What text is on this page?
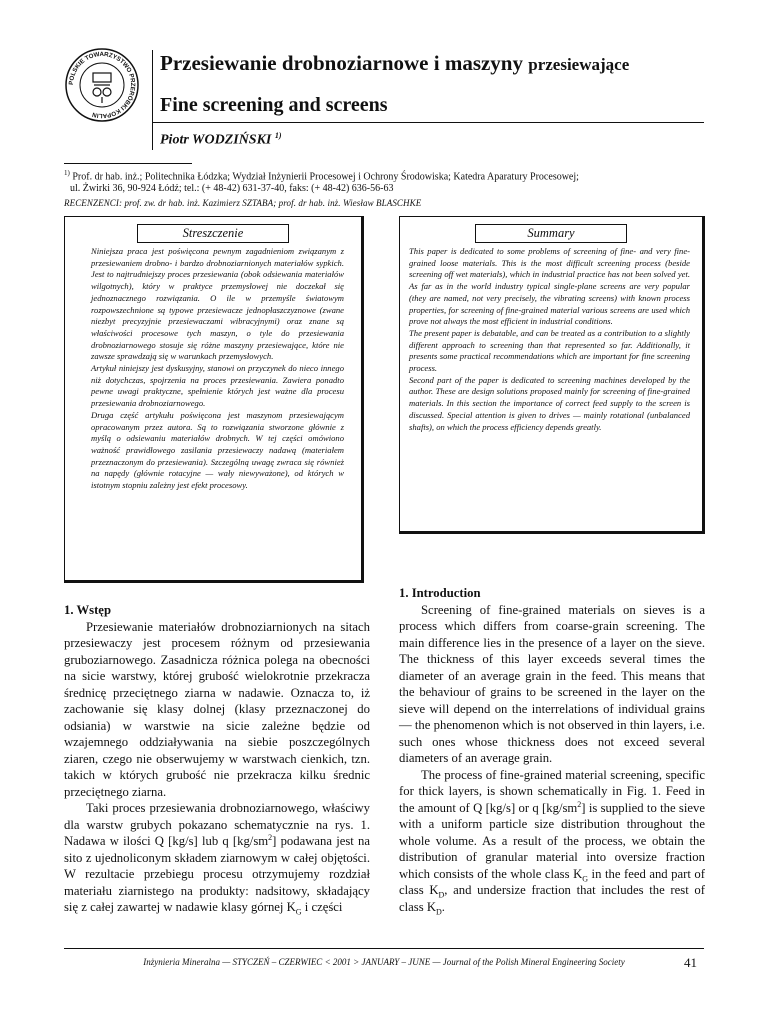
POLSKIE TOWARZYSTWO PRZERÓBKI KOPALIN
Przesiewanie drobnoziarnowe i maszyny przesiewające
Fine screening and screens
Piotr WODZIŃSKI $^{1)}$
$^{1)}$ Prof. dr hab. inż.; Politechnika Łódzka; Wydział Inżynierii Procesowej i Ochrony Środowiska; Katedra Aparatury Procesowej;
ul. Żwirki 36, 90-924 Łódź; tel.: (+ 48-42) 631-37-40, faks: (+ 48-42) 636-56-63
RECENZENCI: prof. zw. dr hab. inż. Kazimierz SZTABA; prof. dr hab. inż. Wiesław BLASCHKE
Streszczenie
Niniejsza praca jest poświęcona pewnym zagadnieniom związanym z przesiewaniem drobno- i bardzo drobnoziarnionych materiałów sypkich. Jest to najtrudniejszy proces przesiewania (obok odsiewania materiałów wilgotnych), który w praktyce przemysłowej nie doczekał się jednoznacznego rozwiązania. O ile w przemyśle światowym rozpowszechnione są typowe przesiewacze jednopłaszczyznowe (zwane niezbyt precyzyjnie przesiewaczami wibracyjnymi) oraz znane są właściwości procesowe tych maszyn, o tyle do przesiewania drobnoziarnowego stosuje się różne maszyny przesiewające, które nie zawsze sprawdzają się w warunkach przemysłowych.
Artykuł niniejszy jest dyskusyjny, stanowi on przyczynek do nieco innego niż dotychczas, spojrzenia na proces przesiewania. Zawiera ponadto pewne uwagi praktyczne, spełnienie których jest ważne dla procesu przesiewania drobnoziarnowego.
Druga część artykułu poświęcona jest maszynom przesiewającym opracowanym przez autora. Są to rozwiązania stworzone głównie z myślą o odsiewaniu materiałów drobnych. W tej części omówiono ważność prawidłowego zasilania przesiewaczy nadawą (materiałem przeznaczonym do przesiewania). Szczególną uwagę zwraca się również na napędy (głównie rotacyjne — wały niewyważone), od których w istotnym stopniu zależny jest efekt procesowy.
Summary
This paper is dedicated to some problems of screening of fine- and very fine-grained loose materials. This is the most difficult screening process (beside screening off wet materials), which in industrial practice has not been solved yet. As far as in the world industry typical single-plane screens are very popular (they are named, not very precisely, the vibrating screens) with known process properties, for screening of fine-grained material various screens are used which prove not always the most efficient in industrial conditions.
The present paper is debatable, and can be treated as a contribution to a slightly different approach to screening than that represented so far. Additionally, it presents some practical recommendations which are important for fine screening process.
Second part of the paper is dedicated to screening machines developed by the author. These are design solutions proposed mainly for screening of fine-grained materials. In this section the importance of correct feed supply to the screen is discussed. Special attention is given to drives — mainly rotational (unbalanced shafts), on which the process efficiency depends greatly.
1. Wstęp

Przesiewanie materiałów drobnoziarnionych na sitach przesiewaczy jest procesem różnym od przesiewania gruboziarnowego. Zasadnicza różnica polega na obecności na sicie warstwy, której grubość wielokrotnie przekracza średnicę przeciętnego ziarna w nadawie. Oznacza to, iż zachowanie się klasy dolnej (klasy przeznaczonej do odsiania) w warstwie na sicie zależne będzie od wzajemnego oddziaływania na siebie poszczególnych ziaren, czego nie obserwujemy w warstwach cienkich, tzn. takich w których grubość nie przekracza kilku średnic przeciętnego ziarna.

Taki proces przesiewania drobnoziarnowego, właściwy dla warstw grubych pokazano schematycznie na rys. 1. Nadawa w ilości Q [kg/s] lub q $[kg/sm^2]$ podawana jest na sito z ujednoliconym składem ziarnowym w całej objętości. W rezultacie przebiegu procesu otrzymujemy rozdział materiału ziarnistego na produkty: nadsitowy, składający się z całej zawartej w nadawie klasy górnej $K_G$ i części

1. Introduction

Screening of fine-grained materials on sieves is a process which differs from coarse-grain screening. The main difference lies in the presence of a layer on the sieve. The thickness of this layer exceeds several times the diameter of an average grain in the feed. This means that the behaviour of grains to be screened in the layer on the sieve will depend on the interrelations of individual grains — the phenomenon which is not observed in thin layers, i.e. such ones whose thickness does not exceed several diameters of an average grain.

The process of fine-grained material screening, specific for thick layers, is shown schematically in Fig. 1. Feed in the amount of Q [kg/s] or q $[kg/sm^2]$ is supplied to the sieve with a uniform particle size distribution throughout the whole volume. As a result of the process, we obtain the distribution of granular material into oversize fraction which consists of the whole class $K_G$ in the feed and part of class $K_D$, and undersize fraction that includes the rest of class $K_D$.

Inżynieria Mineralna — STYCZEŃ – CZERWIEC < 2001 > JANUARY – JUNE — Journal of the Polish Mineral Engineering Society	41
